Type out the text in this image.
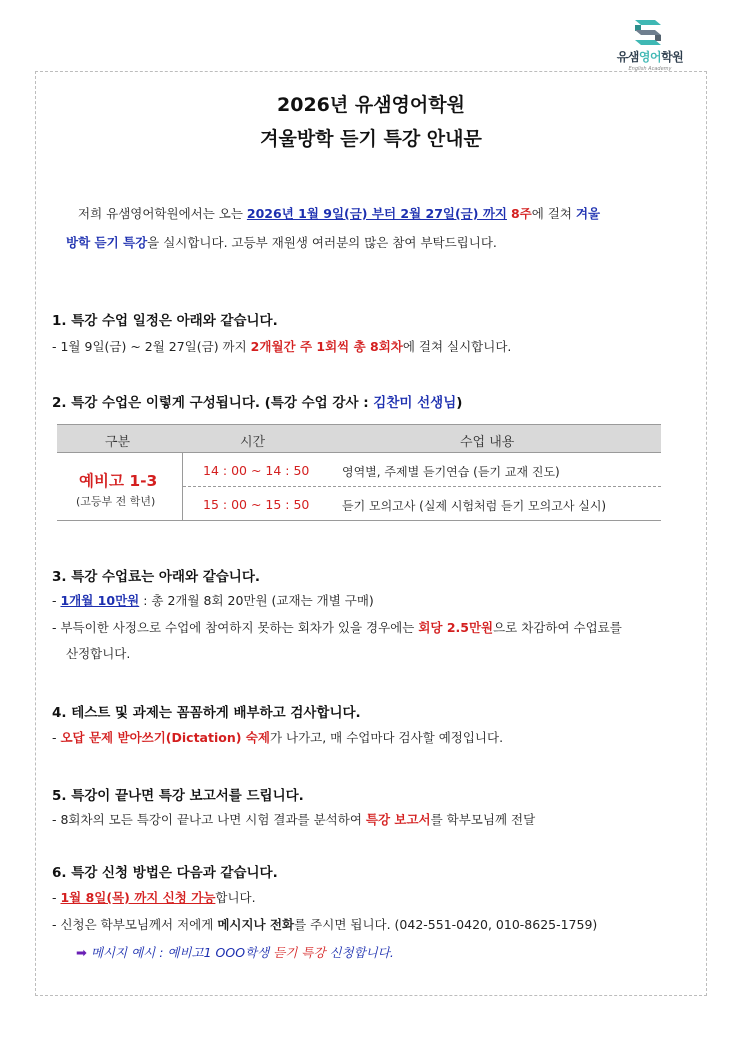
유샘영어학원
English Academy
2026년 유샘영어학원
겨울방학 듣기 특강 안내문
저희 유샘영어학원에서는 오는 2026년 1월 9일(금) 부터 2월 27일(금) 까지 8주에 걸쳐 겨울
방학 듣기 특강을 실시합니다. 고등부 재원생 여러분의 많은 참여 부탁드립니다.
1. 특강 수업 일정은 아래와 같습니다.
- 1월 9일(금) ~ 2월 27일(금) 까지 2개월간 주 1회씩 총 8회차에 걸쳐 실시합니다.
2. 특강 수업은 이렇게 구성됩니다. (특강 수업 강사 : 김찬미 선생님)
구분	시간	수업 내용
예비고 1-3
(고등부 전 학년)
14 : 00 ~ 14 : 50	영역별, 주제별 듣기연습 (듣기 교재 진도)
15 : 00 ~ 15 : 50	듣기 모의고사 (실제 시험처럼 듣기 모의고사 실시)
3. 특강 수업료는 아래와 같습니다.
- 1개월 10만원 : 총 2개월 8회 20만원 (교재는 개별 구매)
- 부득이한 사정으로 수업에 참여하지 못하는 회차가 있을 경우에는 회당 2.5만원으로 차감하여 수업료를
산정합니다.
4. 테스트 및 과제는 꼼꼼하게 배부하고 검사합니다.
- 오답 문제 받아쓰기(Dictation) 숙제가 나가고, 매 수업마다 검사할 예정입니다.
5. 특강이 끝나면 특강 보고서를 드립니다.
- 8회차의 모든 특강이 끝나고 나면 시험 결과를 분석하여 특강 보고서를 학부모님께 전달
6. 특강 신청 방법은 다음과 같습니다.
- 1월 8일(목) 까지 신청 가능합니다.
- 신청은 학부모님께서 저에게 메시지나 전화를 주시면 됩니다. (042-551-0420, 010-8625-1759)
➡ 메시지 예시 : 예비고1 OOO학생 듣기 특강 신청합니다.
